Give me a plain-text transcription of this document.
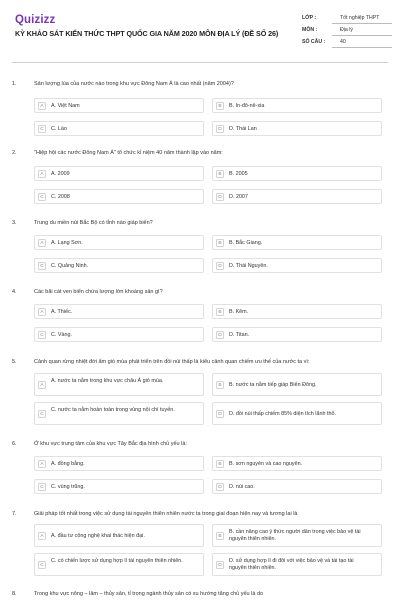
Quizizz
KỲ KHẢO SÁT KIẾN THỨC THPT QUỐC GIA NĂM 2020 MÔN ĐỊA LÝ (ĐỀ SỐ 26)
LỚP :	Tốt nghiệp THPT
MÔN :	Địa lý
SỐ CÂU :	40
1.	Sản lượng lúa của nước nào trong khu vực Đông Nam Á là cao nhất (năm 2004)?
A	A. Việt Nam	B	B. In-đô-nê-xia
C	C. Lào	D	D. Thái Lan
2.	"Hiệp hội các nước Đông Nam Á" tổ chức kỉ niệm 40 năm thành lập vào năm:
A	A. 2009	B	B. 2005
C	C. 2008	D	D. 2007
3.	Trung du miền núi Bắc Bộ có tỉnh nào giáp biển?
A	A. Lạng Sơn.	B	B. Bắc Giang.
C	C. Quảng Ninh.	D	D. Thái Nguyên.
4.	Các bãi cát ven biển chứa lượng lớn khoáng sản gì?
A	A. Thiếc.	B	B. Kẽm.
C	C. Vàng.	D	D. Titan.
5.	Cảnh quan rừng nhiệt đới ẩm gió mùa phát triển trên đồi núi thấp là kiểu cảnh quan chiếm ưu thế của nước ta vì:
A
A. nước ta nằm trong khu vực châu Á gió mùa.
B	B. nước ta nằm tiếp giáp Biển Đông.
C
C. nước ta nằm hoàn toàn trong vùng nội chí tuyến.
D	D. đồi núi thấp chiếm 85% diện tích lãnh thổ.
6.	Ở khu vực trung tâm của khu vực Tây Bắc địa hình chủ yếu là:
A	A. đồng bằng.	B	B. sơn nguyên và cao nguyên.
C	C. vùng trũng.	D	D. núi cao.
7.	Giải pháp tốt nhất trong việc sử dụng tài nguyên thiên nhiên nước ta trong giai đoạn hiện nay và tương lai là
A	A. đầu tư công nghệ khai thác hiện đại.	B
B. cần nâng cao ý thức người dân trong việc bảo vệ tài nguyên thiên nhiên.
C
C. có chiến lược sử dụng hợp lí tài nguyên thiên nhiên.
D
D. sử dụng hợp lí đi đôi với việc bảo vệ và tái tạo tài nguyên thiên nhiên.
8.	Trong khu vực nông – lâm – thủy sản, tỉ trọng ngành thủy sản có xu hướng tăng chủ yếu là do
